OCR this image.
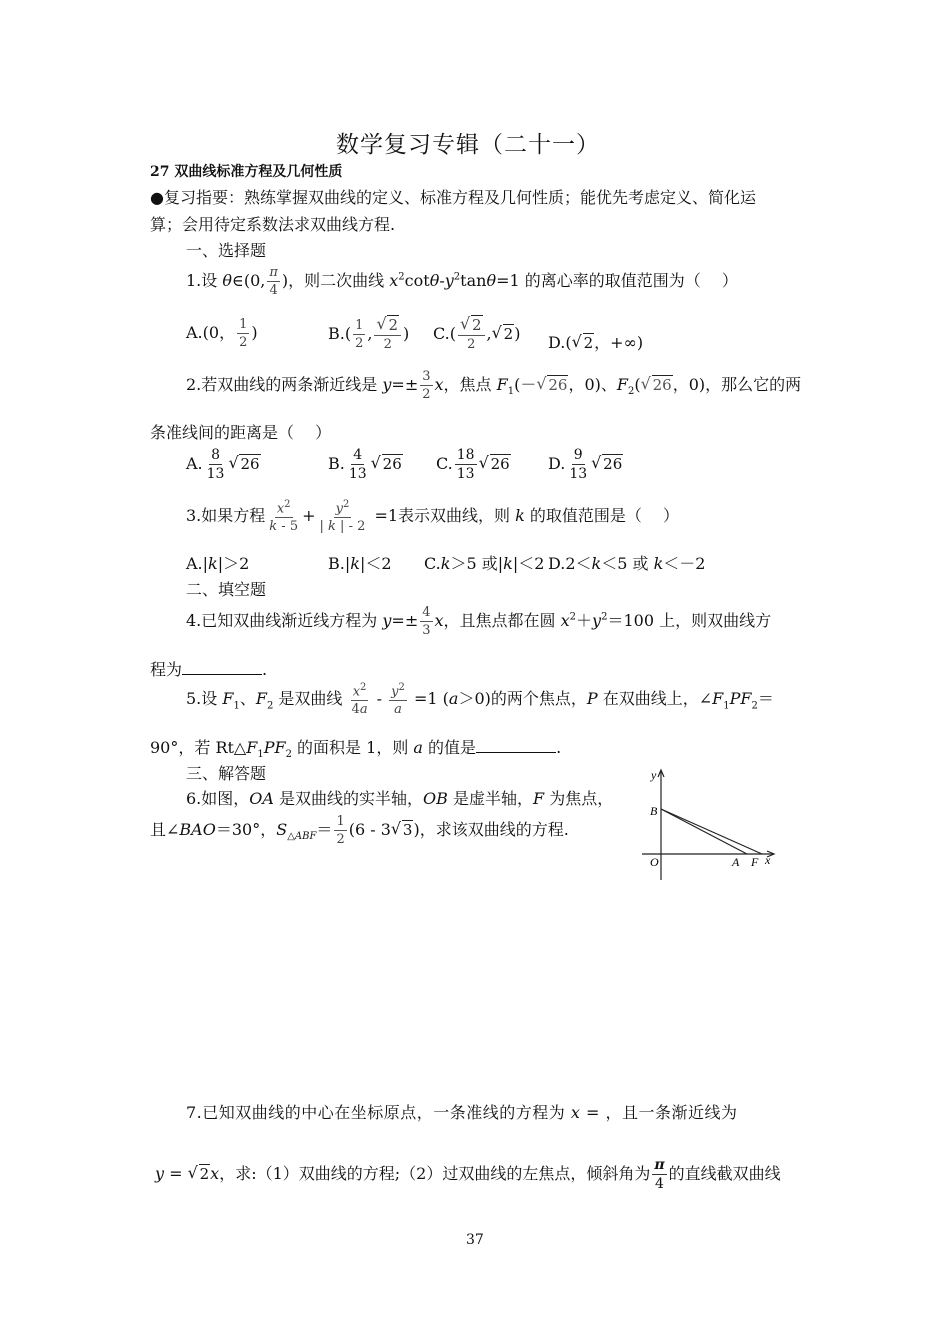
数学复习专辑（二十一）
27 双曲线标准方程及几何性质
●复习指要：熟练掌握双曲线的定义、标准方程及几何性质；能优先考虑定义、简化运
算；会用待定系数法求双曲线方程.
一、选择题
1.设 θ∈(0, $\frac{\pi}{4}$ )，则二次曲线 $x^2\cot\theta-y^2\tan\theta=1$ 的离心率的取值范围为（　 ）
A.(0， $\frac{1}{2}$ )	$B.( \frac{1}{2}$ ,
√ $\frac{2}{2}$ ) C.(
√ $\frac{2}{2}$ ,√ 2) D.(√ 2，+∞)
2.若双曲线的两条渐近线是 $y=\pm \frac{3}{2}$ x，焦点 $F_1(-√$ 26，0)、$F_2(√$ 26，0)，那么它的两
条准线间的距离是（　 ）
A. $\frac{8}{13}$
√ 26	B. $\frac{4}{13}$
√ 26 C. $\frac{18}{13}$
√ 26 D. $\frac{9}{13}$
√ 26
3.如果方程 $\frac{x^2}{k - 5} + \frac{y^2}{| k | - 2} =1$表示双曲线，则 k 的取值范围是（　 ）
A.|k|＞2	B.|k|＜2 C.k＞5 或|k|＜2 D.2＜k＜5 或 k＜－2
二、填空题
4.已知双曲线渐近线方程为 $y=\pm \frac{4}{3}$ x，且焦点都在圆 $x^2+y^2=100$ 上，则双曲线方
程为	.
5.设 $F_1$、$F_2$ 是双曲线 $\frac{x^2}{4a} - \frac{y^2}{a} =1$ (a＞0)的两个焦点，P 在双曲线上，$\angle F_1PF_2=$
90°，若 $Rt\triangle F_1PF_2$ 的面积是 1，则 a 的值是	.
三、解答题
6.如图，OA 是双曲线的实半轴，OB 是虚半轴，F 为焦点，
且∠BAO＝30°，$S_{\triangle ABF}= \frac{1}{2} (6 - 3√$ 3)，求该双曲线的方程.
y
B
O	A F x
7.已知双曲线的中心在坐标原点，一条准线的方程为 x = ，且一条渐近线为
y = √ 2x，求:（1）双曲线的方程;（2）过双曲线的左焦点，倾斜角为 $\frac{\pi}{4}$ 的直线截双曲线
37
